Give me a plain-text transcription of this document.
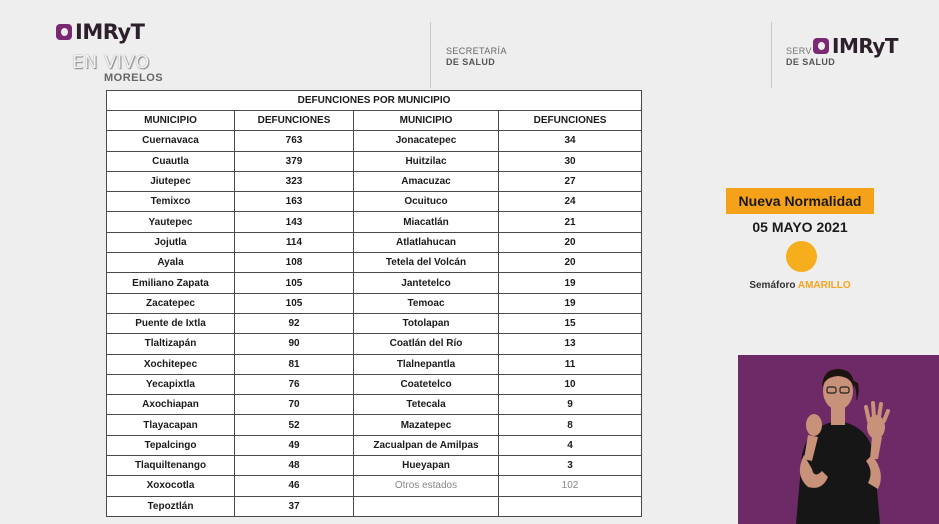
IMRyT
EN VIVO
MORELOS
SECRETARÍA
DE SALUD
SERV
DE SALUD
IMRyT
DEFUNCIONES POR MUNICIPIO			
MUNICIPIO	DEFUNCIONES	MUNICIPIO	DEFUNCIONES
Cuernavaca	763	Jonacatepec	34
Cuautla	379	Huitzilac	30
Jiutepec	323	Amacuzac	27
Temixco	163	Ocuituco	24
Yautepec	143	Miacatlán	21
Jojutla	114	Atlatlahucan	20
Ayala	108	Tetela del Volcán	20
Emiliano Zapata	105	Jantetelco	19
Zacatepec	105	Temoac	19
Puente de Ixtla	92	Totolapan	15
Tlaltizapán	90	Coatlán del Río	13
Xochitepec	81	Tlalnepantla	11
Yecapixtla	76	Coatetelco	10
Axochiapan	70	Tetecala	9
Tlayacapan	52	Mazatepec	8
Tepalcingo	49	Zacualpan de Amilpas	4
Tlaquiltenango	48	Hueyapan	3
Xoxocotla	46	Otros estados	102
Tepoztlán	37		
Nueva Normalidad
05 MAYO 2021
Semáforo AMARILLO
